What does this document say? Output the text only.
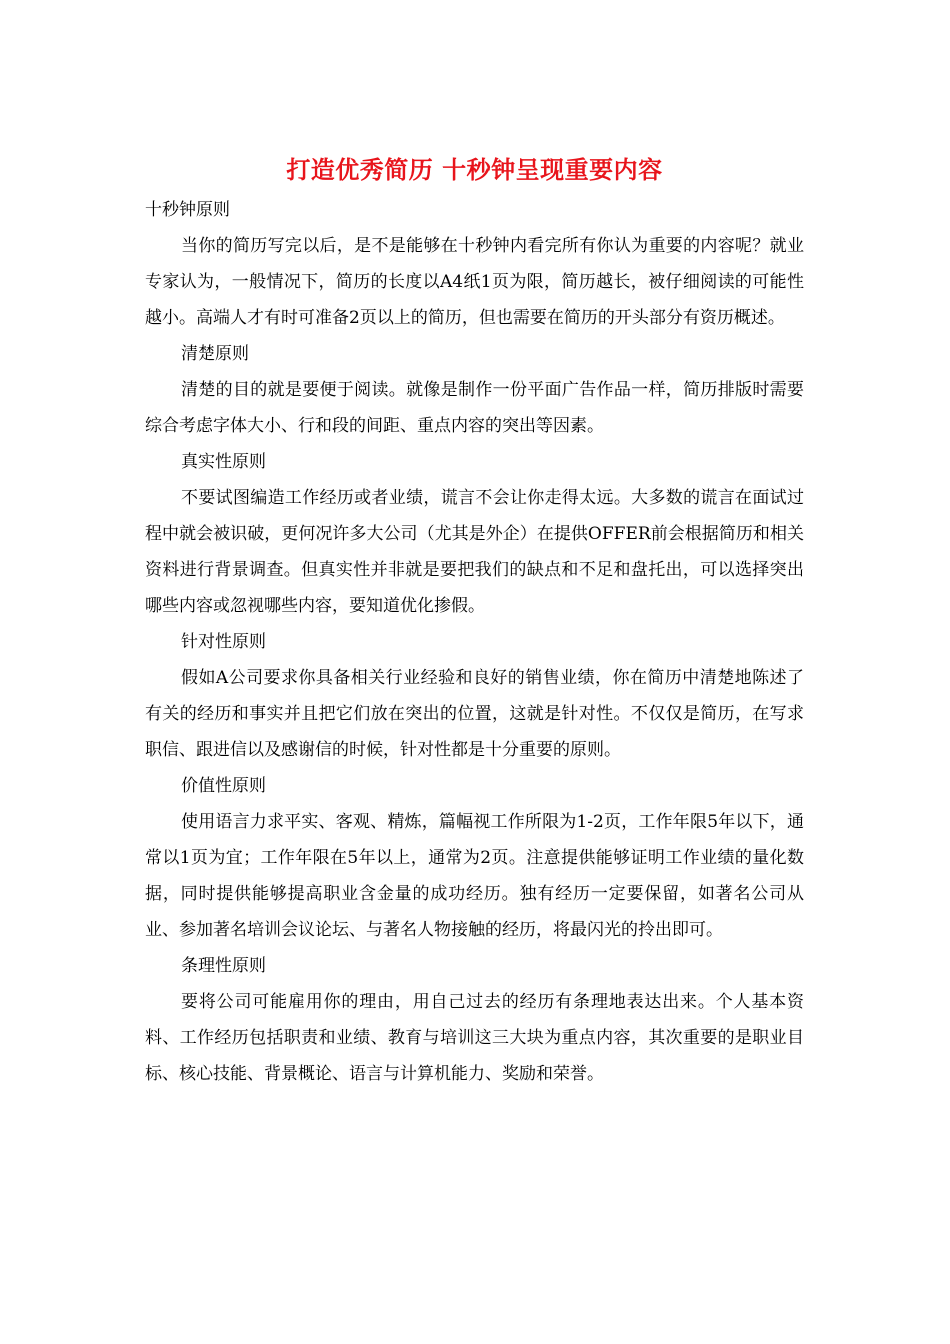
打造优秀简历 十秒钟呈现重要内容

十秒钟原则

当你的简历写完以后，是不是能够在十秒钟内看完所有你认为重要的内容呢？就业专家认为，一般情况下，简历的长度以A4纸1页为限，简历越长，被仔细阅读的可能性越小。高端人才有时可准备2页以上的简历，但也需要在简历的开头部分有资历概述。

清楚原则

清楚的目的就是要便于阅读。就像是制作一份平面广告作品一样，简历排版时需要综合考虑字体大小、行和段的间距、重点内容的突出等因素。

真实性原则

不要试图编造工作经历或者业绩，谎言不会让你走得太远。大多数的谎言在面试过程中就会被识破，更何况许多大公司（尤其是外企）在提供OFFER前会根据简历和相关资料进行背景调查。但真实性并非就是要把我们的缺点和不足和盘托出，可以选择突出哪些内容或忽视哪些内容，要知道优化掺假。

针对性原则

假如A公司要求你具备相关行业经验和良好的销售业绩，你在简历中清楚地陈述了有关的经历和事实并且把它们放在突出的位置，这就是针对性。不仅仅是简历，在写求职信、跟进信以及感谢信的时候，针对性都是十分重要的原则。

价值性原则

使用语言力求平实、客观、精炼，篇幅视工作所限为1-2页，工作年限5年以下，通常以1页为宜；工作年限在5年以上，通常为2页。注意提供能够证明工作业绩的量化数据，同时提供能够提高职业含金量的成功经历。独有经历一定要保留，如著名公司从业、参加著名培训会议论坛、与著名人物接触的经历，将最闪光的拎出即可。

条理性原则

要将公司可能雇用你的理由，用自己过去的经历有条理地表达出来。个人基本资料、工作经历包括职责和业绩、教育与培训这三大块为重点内容，其次重要的是职业目标、核心技能、背景概论、语言与计算机能力、奖励和荣誉。
